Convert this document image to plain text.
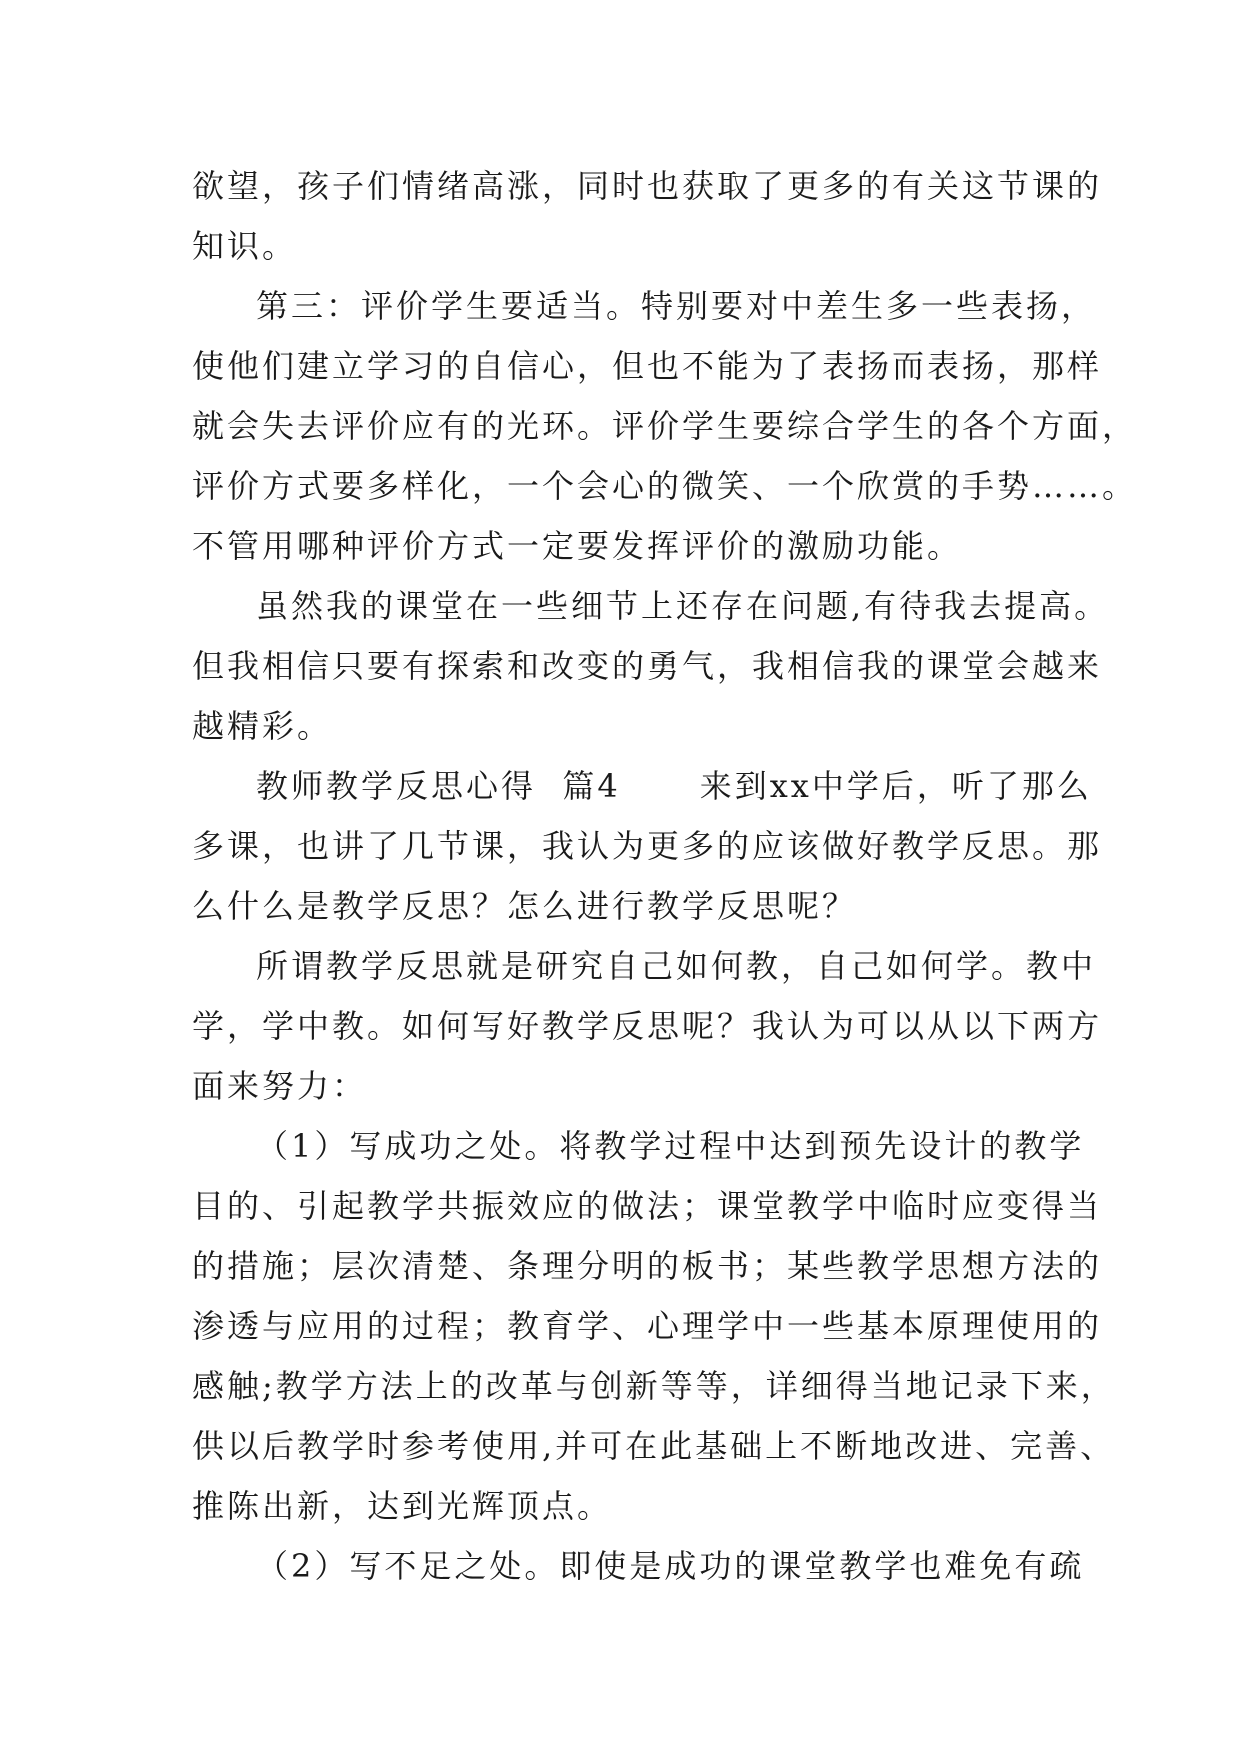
欲望，孩子们情绪高涨，同时也获取了更多的有关这节课的
知识。

第三：评价学生要适当。特别要对中差生多一些表扬，
使他们建立学习的自信心，但也不能为了表扬而表扬，那样
就会失去评价应有的光环。评价学生要综合学生的各个方面，
评价方式要多样化，一个会心的微笑、一个欣赏的手势……。
不管用哪种评价方式一定要发挥评价的激励功能。

虽然我的课堂在一些细节上还存在问题,有待我去提高。
但我相信只要有探索和改变的勇气，我相信我的课堂会越来
越精彩。

教师教学反思心得  篇4      来到xx中学后，听了那么
多课，也讲了几节课，我认为更多的应该做好教学反思。那
么什么是教学反思？怎么进行教学反思呢？

所谓教学反思就是研究自己如何教，自己如何学。教中
学，学中教。如何写好教学反思呢？我认为可以从以下两方
面来努力：

（1）写成功之处。将教学过程中达到预先设计的教学
目的、引起教学共振效应的做法；课堂教学中临时应变得当
的措施；层次清楚、条理分明的板书；某些教学思想方法的
渗透与应用的过程；教育学、心理学中一些基本原理使用的
感触;教学方法上的改革与创新等等，详细得当地记录下来，
供以后教学时参考使用,并可在此基础上不断地改进、完善、
推陈出新，达到光辉顶点。

（2）写不足之处。即使是成功的课堂教学也难免有疏
